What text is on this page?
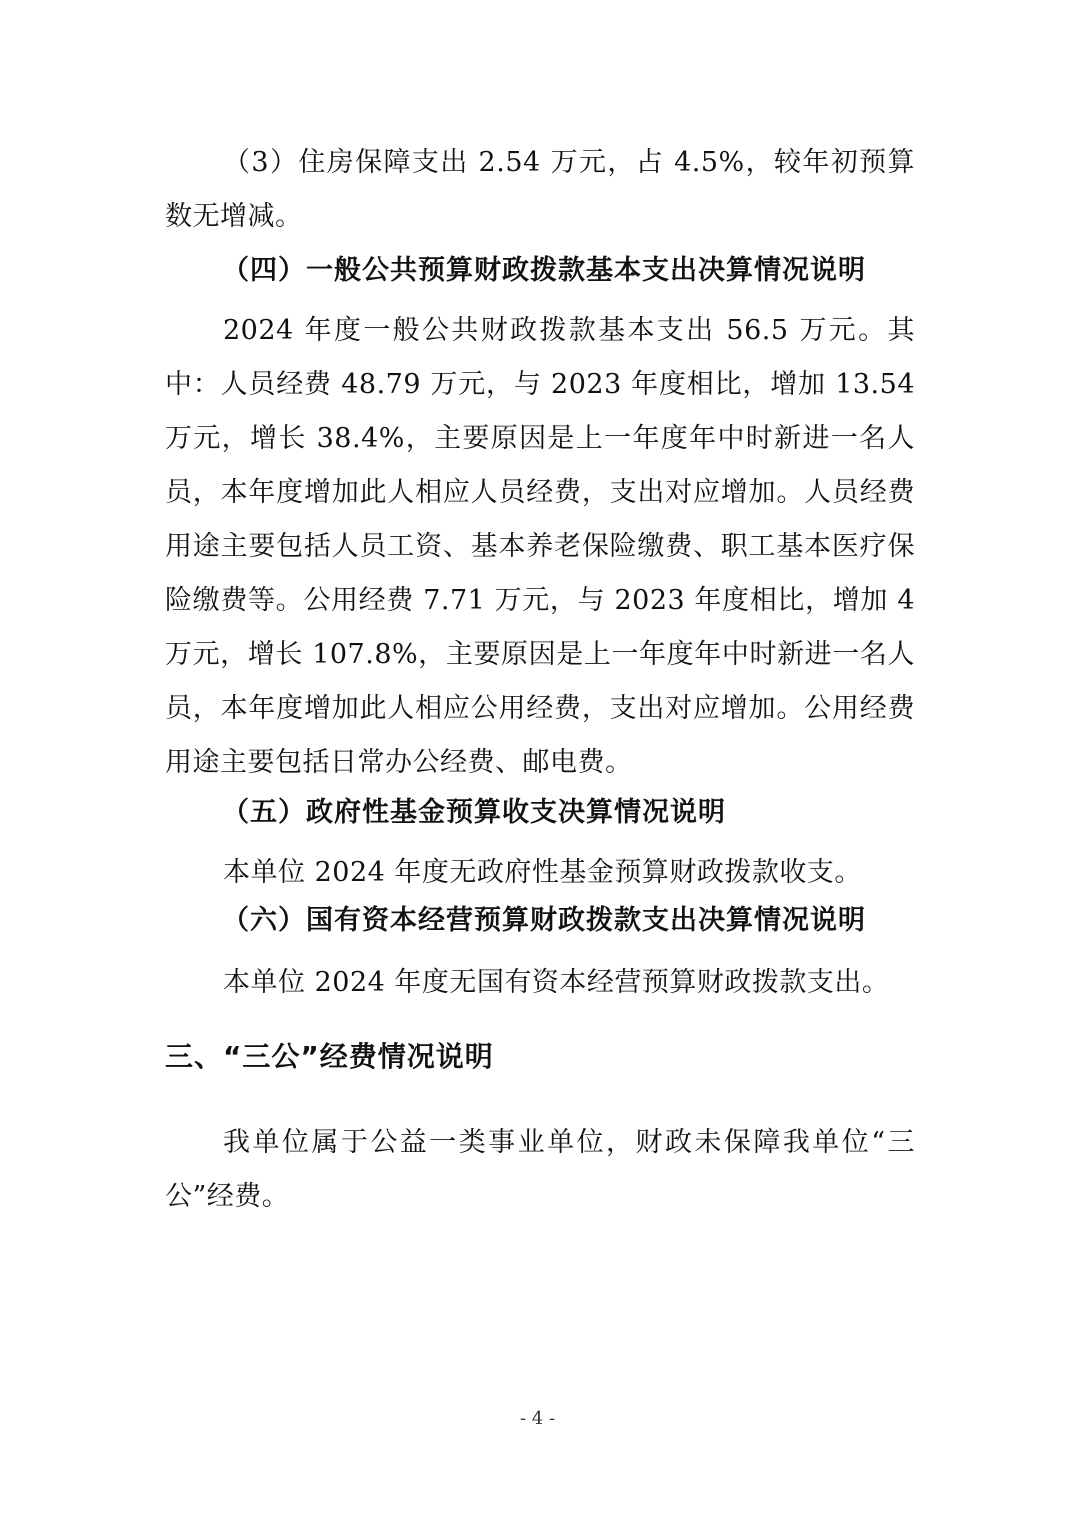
（3）住房保障支出 2.54 万元，占 4.5%，较年初预算数无增减。

（四）一般公共预算财政拨款基本支出决算情况说明

2024 年度一般公共财政拨款基本支出 56.5 万元。其中：人员经费 48.79 万元，与 2023 年度相比，增加 13.54 万元，增长 38.4%，主要原因是上一年度年中时新进一名人员，本年度增加此人相应人员经费，支出对应增加。人员经费用途主要包括人员工资、基本养老保险缴费、职工基本医疗保险缴费等。公用经费 7.71 万元，与 2023 年度相比，增加 4 万元，增长 107.8%，主要原因是上一年度年中时新进一名人员，本年度增加此人相应公用经费，支出对应增加。公用经费用途主要包括日常办公经费、邮电费。

（五）政府性基金预算收支决算情况说明

本单位 2024 年度无政府性基金预算财政拨款收支。

（六）国有资本经营预算财政拨款支出决算情况说明

本单位 2024 年度无国有资本经营预算财政拨款支出。

三、“三公”经费情况说明

我单位属于公益一类事业单位，财政未保障我单位“三公”经费。

- 4 -
